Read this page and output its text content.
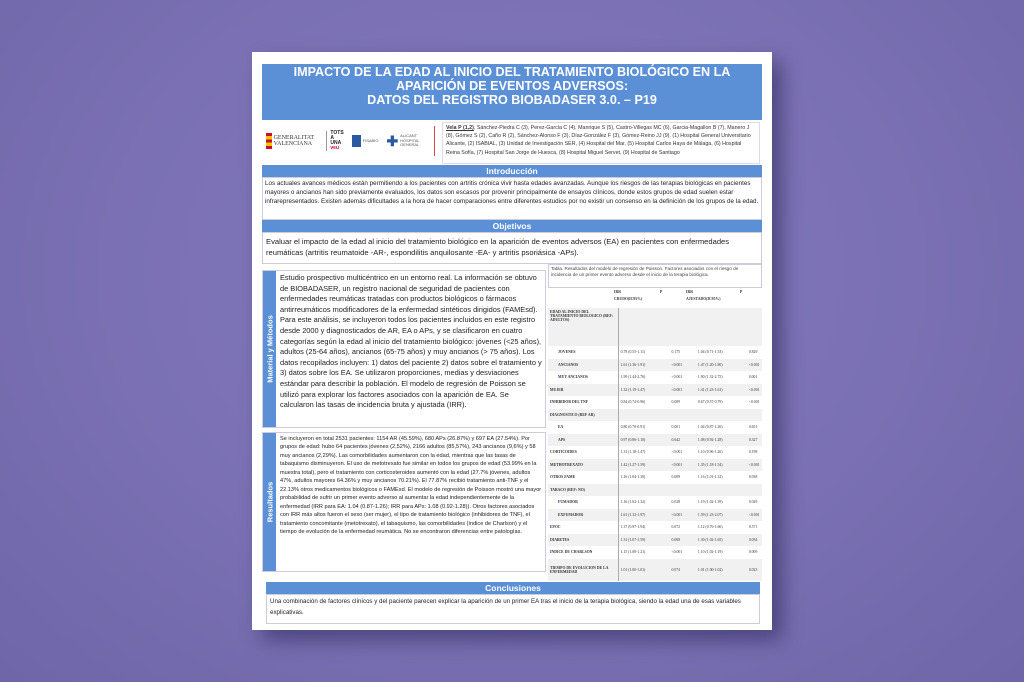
IMPACTO DE LA EDAD AL INICIO DEL TRATAMIENTO BIOLÓGICO EN LA
APARICIÓN DE EVENTOS ADVERSOS:
DATOS DEL REGISTRO BIOBADASER 3.0. – P19
GENERALITAT VALENCIANA
TOTS
A UNA
veu
FISABIO ✚ ALICANT HOSPITAL GENERAL
Vela P (1,2), Sánchez-Piedra C (3), Perez-Garcia C (4), Manrique S (5), Castro-Villegas MC (6), Garcia-Magallon B (7), Manero J (8), Gómez S (2), Caño R (2), Sánchez-Alonso F (3), Díaz-González F (3), Gómez-Reino JJ (9). (1) Hospital General Universitario Alicante, (2) ISABIAL, (3) Unidad de Investigación SER, (4) Hospital del Mar, (5) Hospital Carlos Haya de Málaga, (6) Hospital Reina Sofía, (7) Hospital San Jorge de Huesca, (8) Hospital Miguel Servet, (9) Hospital de Santiago
Introducción
Los actuales avances médicos están permitiendo a los pacientes con artritis crónica vivir hasta edades avanzadas. Aunque los riesgos de las terapias biológicas en pacientes mayores o ancianos han sido previamente evaluados, los datos son escasos por provenir principalmente de ensayos clínicos, donde estos grupos de edad suelen estar infrarepresentados. Existen además dificultades a la hora de hacer comparaciones entre diferentes estudios por no existir un consenso en la definición de los grupos de la edad.
Objetivos
Evaluar el impacto de la edad al inicio del tratamiento biológico en la aparición de eventos adversos (EA) en pacientes con enfermedades reumáticas (artritis reumatoide -AR-, espondilitis anquilosante -EA- y artritis psoriásica -APs).
Material y Métodos
Estudio prospectivo multicéntrico en un entorno real. La información se obtuvo de BIOBADASER, un registro nacional de seguridad de pacientes con enfermedades reumáticas tratadas con productos biológicos o fármacos antirreumáticos modificadores de la enfermedad sintéticos dirigidos (FAMEsd). Para este análisis, se incluyeron todos los pacientes incluidos en este registro desde 2000 y diagnosticados de AR, EA o APs, y se clasificaron en cuatro categorías según la edad al inicio del tratamiento biológico: jóvenes (<25 años), adultos (25-64 años), ancianos (65-75 años) y muy ancianos (> 75 años). Los datos recopilados incluyen: 1) datos del paciente 2) datos sobre el tratamiento y 3) datos sobre los EA. Se utilizaron proporciones, medias y desviaciones estándar para describir la población. El modelo de regresión de Poisson se utilizó para explorar los factores asociados con la aparición de EA. Se calcularon las tasas de incidencia bruta y ajustada (IRR).
Resultados
Se incluyeron en total 2531 pacientes: 1154 AR (45.59%), 680 APs (26.87%) y 697 EA (27.54%). Por grupos de edad: hubo 64 pacientes jóvenes (2,52%), 2166 adultos (85,57%), 243 ancianos (9,6%) y 58 muy ancianos (2,29%). Las comorbilidades aumentaron con la edad, mientras que las tasas de tabaquismo disminuyeron. El uso de metotrexato fue similar en todos los grupos de edad (53.99% en la muestra total), pero el tratamiento con corticosteroides aumentó con la edad (27.7% jóvenes, adultos 47%, adultos mayores 64.36% y muy ancianos 70.21%). El 77.87% recibió tratamiento anti-TNF y el 22.13% otros medicamentos biológicos o FAMEsd. El modelo de regresión de Poisson mostró una mayor probabilidad de sufrir un primer evento adverso al aumentar la edad independientemente de la enfermedad (IRR para EA: 1.04 (0.87-1.26); IRR para APs: 1.08 (0.92-1.28)). Otros factores asociados con IRR más altos fueron el sexo (ser mujer), el tipo de tratamiento biológico (inhibidores de TNF), el tratamiento concomitante (metotrexato), el tabaquismo, las comorbilidades (índice de Charlson) y el tiempo de evolución de la enfermedad reumática. No se encontraron diferencias entre patologías.
Tabla. Resultados del modelo de regresión de Poisson. Factores asociados con el riesgo de incidencia de un primer evento adverso desde el inicio de la terapia biológica.
IRR
CRUDO(IC95%)
P	IRR
AJUSTADO(IC95%)
P
EDAD AL INICIO DEL TRATAMIENTO BIOLOGICO (REF: ADULTOS)				
JOVENES	0.78 (0.55-1.11)	0.175	1.04 (0.71-1.53)	0.829
ANCIANOS	1.61 (1.36-1.91)	<0.001	1.47 (1.20-1.80)	<0.001
MUY ANCIANOS	1.99 (1.44-2.76)	<0.001	1.90 (1.32-2.75)	0.001
MUJER	1.32 (1.19-1.47)	<0.001	1.41 (1.23-1.61)	<0.001
INHIBIDOR DEL TNF	0.84 (0.74-0.96)	0.009	0.67 (0.57-0.79)	<0.001
DIAGNOSTICO (REF AR)				
EA	0.80 (0.70-0.91)	0.001	1.04 (0.87-1.26)	0.651
APS	0.97 (0.86-1.10)	0.642	1.08 (0.92-1.28)	0.327
CORTICOIDES	1.31 (1.18-1.47)	<0.001	1.10 (0.96-1.26)	0.198
METHOTREXATO	1.42 (1.27-1.59)	<0.001	1.35 (1.18-1.54)	<0.001
OTROS FAME	1.16 (1.04-1.30)	0.009	1.16 (1.01-1.32)	0.038
TABACO (REF: NO)				
FUMADOR	1.16 (1.02-1.32)	0.028	1.19 (1.02-1.39)	0.029
EXFUMADOR	1.61 (1.32-1.97)	<0.001	1.59 (1.23-2.07)	<0.001
EPOC	1.37 (0.97-1.94)	0.072	1.12 (0.76-1.66)	0.571
DIABETES	1.31 (1.07-1.59)	0.008	1.30 (1.02-1.65)	0.034
INDICE DE CHARLSON	1.15 (1.08-1.21)	<0.001	1.10 (1.02-1.19)	0.009
TIEMPO DE EVOLUCION DE LA ENFERMEDAD	1.01 (1.00-1.01)	0.074	1.01 (1.00-1.02)	0.023
Conclusiones
Una combinación de factores clínicos y del paciente parecen explicar la aparición de un primer EA tras el inicio de la terapia biológica, siendo la edad una de esas variables explicativas.
